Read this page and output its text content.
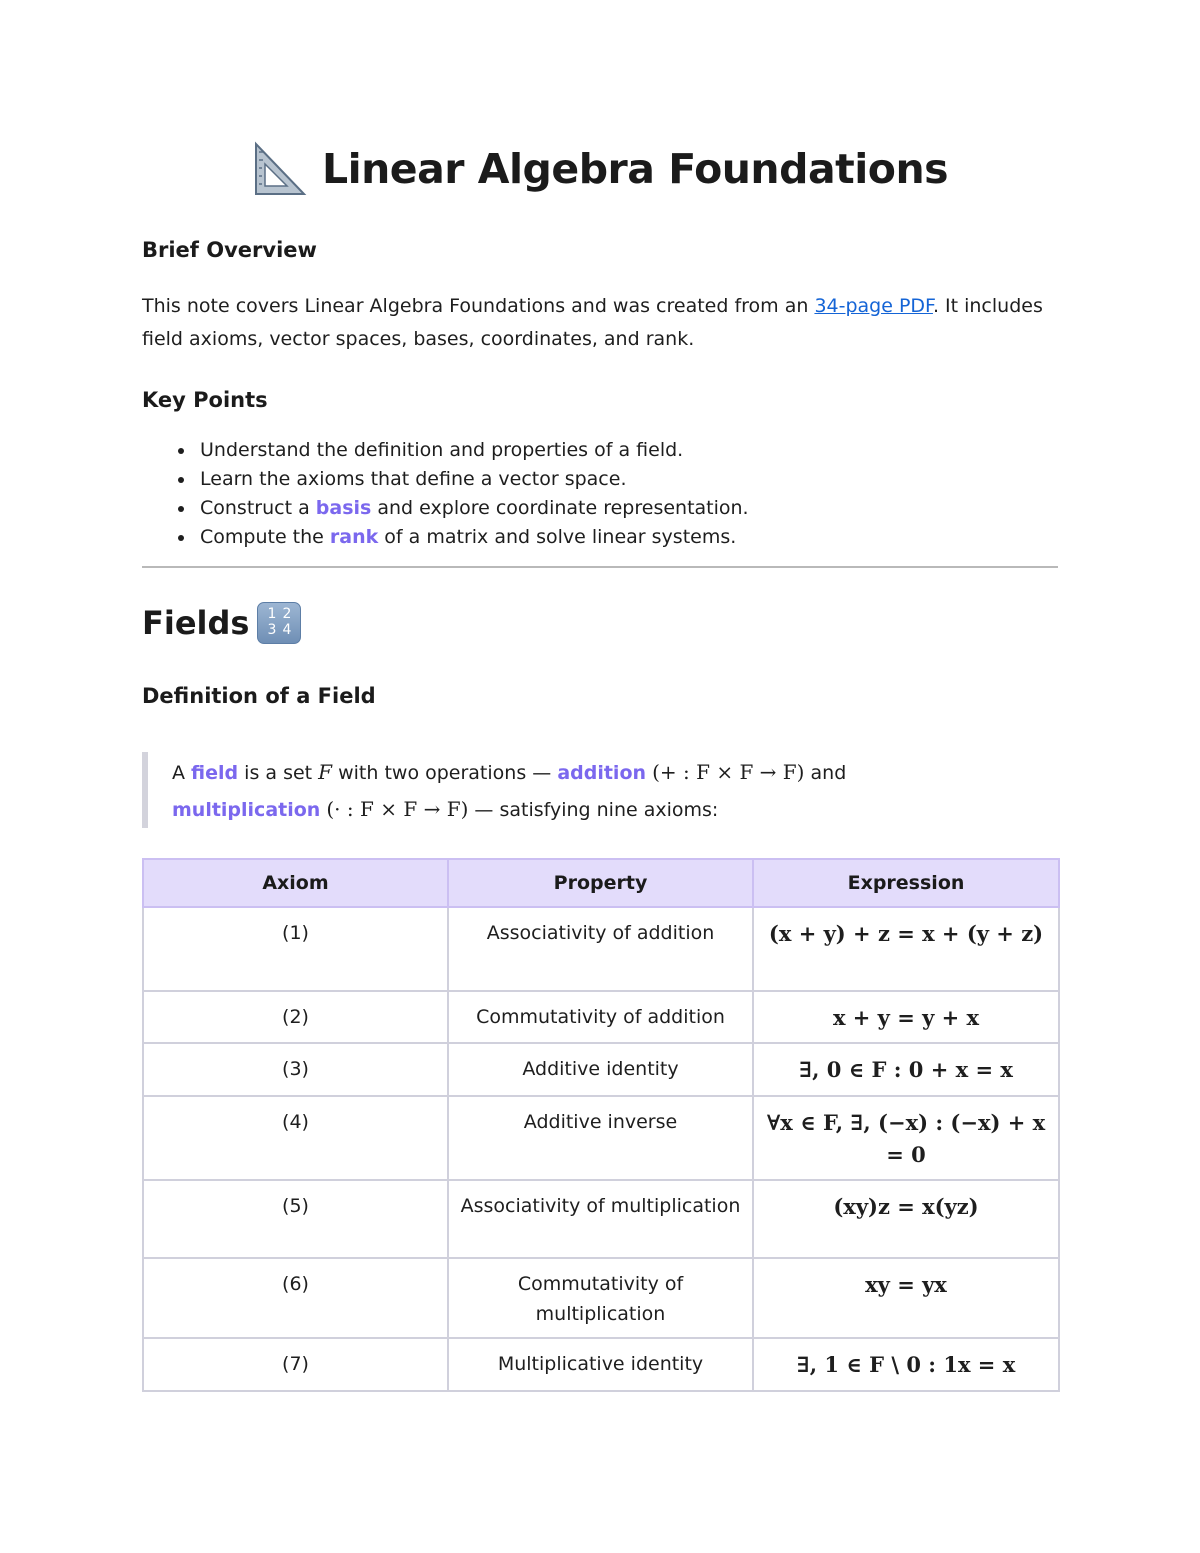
Linear Algebra Foundations
Brief Overview

This note covers Linear Algebra Foundations and was created from an 34-page PDF. It includes field axioms, vector spaces, bases, coordinates, and rank.

Key Points
Understand the definition and properties of a field.
Learn the axioms that define a vector space.
Construct a basis and explore coordinate representation.
Compute the rank of a matrix and solve linear systems.
Fields 1 2
3 4
Definition of a Field

A field is a set F with two operations — addition (+ : F × F → F) and
multiplication (· : F × F → F) — satisfying nine axioms:

Axiom	Property	Expression
(1)	Associativity of addition	(x + y) + z = x + (y + z)
(2)	Commutativity of addition	x + y = y + x
(3)	Additive identity	∃, 0 ∈ F : 0 + x = x
(4)	Additive inverse	∀x ∈ F, ∃, (−x) : (−x) + x = 0
(5)	Associativity of multiplication	(xy)z = x(yz)
(6)	Commutativity of multiplication	xy = yx
(7)	Multiplicative identity	∃, 1 ∈ F \ 0 : 1x = x
